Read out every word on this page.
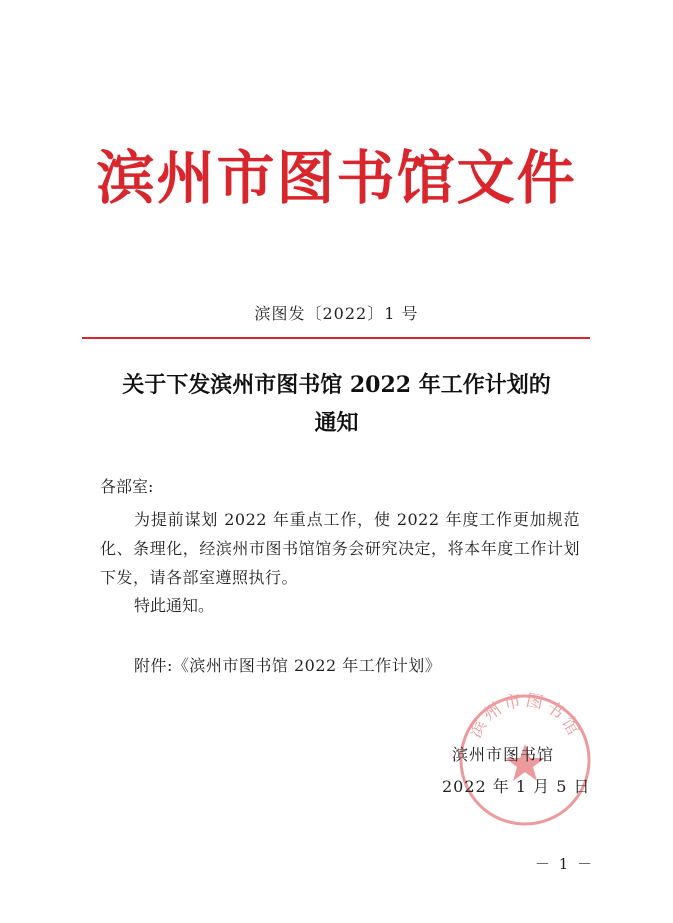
滨州市图书馆文件
滨图发〔2022〕1 号
关于下发滨州市图书馆 2022 年工作计划的
通知
各部室:
为提前谋划 2022 年重点工作，使 2022 年度工作更加规范化、条理化，经滨州市图书馆馆务会研究决定，将本年度工作计划下发，请各部室遵照执行。
特此通知。
附件:《滨州市图书馆 2022 年工作计划》
滨州市图书馆
滨州市图书馆
2022 年 1 月 5 日
－ 1 －
